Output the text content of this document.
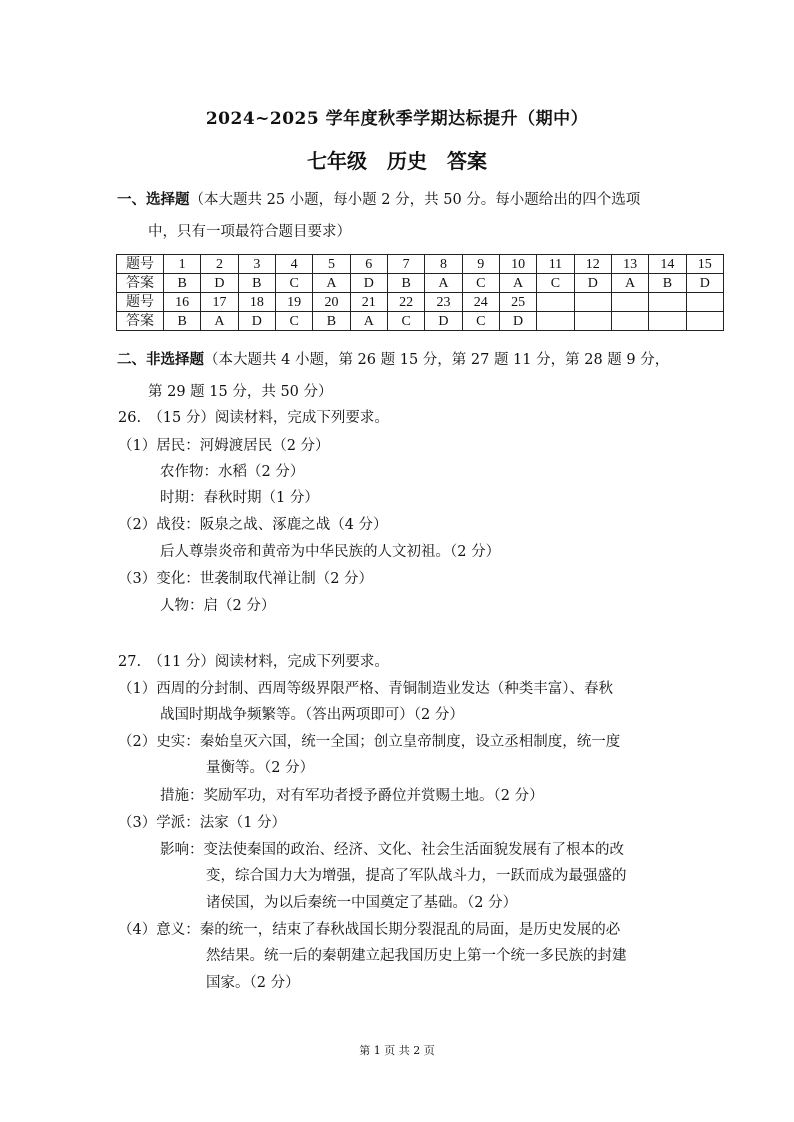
2024~2025 学年度秋季学期达标提升（期中）
七年级　历史　答案
一、选择题（本大题共 25 小题，每小题 2 分，共 50 分。每小题给出的四个选项
中，只有一项最符合题目要求）
题号	1	2	3	4	5	6	7	8	9	10	11	12	13	14	15
答案	B	D	B	C	A	D	B	A	C	A	C	D	A	B	D
题号	16	17	18	19	20	21	22	23	24	25					
答案	B	A	D	C	B	A	C	D	C	D					
二、非选择题（本大题共 4 小题，第 26 题 15 分，第 27 题 11 分，第 28 题 9 分，
第 29 题 15 分，共 50 分）
26.　（15 分）阅读材料，完成下列要求。
（1）居民：河姆渡居民（2 分）
农作物：水稻（2 分）
时期：春秋时期（1 分）
（2）战役：阪泉之战、涿鹿之战（4 分）
后人尊崇炎帝和黄帝为中华民族的人文初祖。（2 分）
（3）变化：世袭制取代禅让制（2 分）
人物：启（2 分）
27.　（11 分）阅读材料，完成下列要求。
（1）西周的分封制、西周等级界限严格、青铜制造业发达（种类丰富）、春秋
战国时期战争频繁等。（答出两项即可）（2 分）
（2）史实：秦始皇灭六国，统一全国；创立皇帝制度，设立丞相制度，统一度
量衡等。（2 分）
措施：奖励军功，对有军功者授予爵位并赏赐土地。（2 分）
（3）学派：法家（1 分）
影响：变法使秦国的政治、经济、文化、社会生活面貌发展有了根本的改
变，综合国力大为增强，提高了军队战斗力，一跃而成为最强盛的
诸侯国，为以后秦统一中国奠定了基础。（2 分）
（4）意义：秦的统一，结束了春秋战国长期分裂混乱的局面，是历史发展的必
然结果。统一后的秦朝建立起我国历史上第一个统一多民族的封建
国家。（2 分）
第 1 页 共 2 页
